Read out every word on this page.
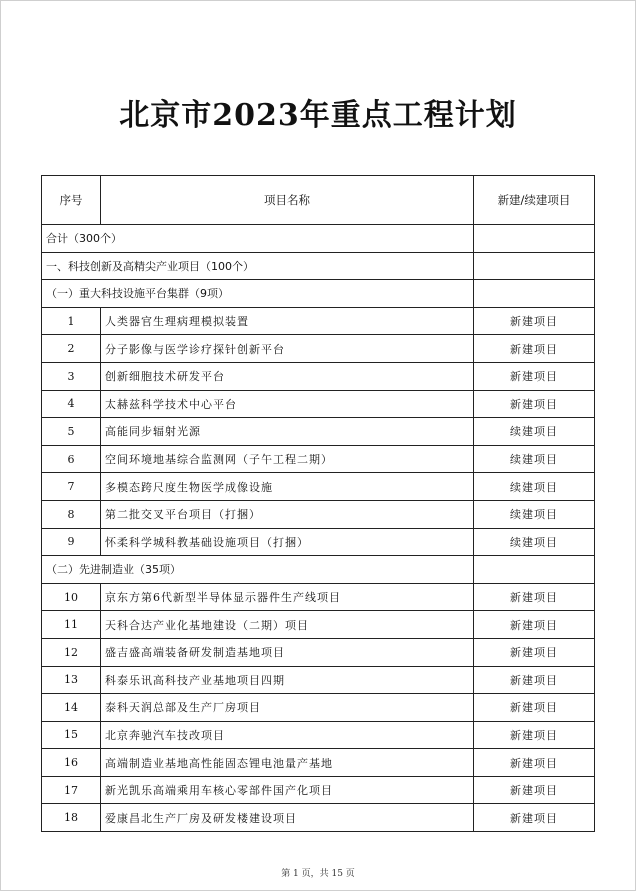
北京市2023年重点工程计划
序号	项目名称	新建/续建项目
合计（300个）		
一、科技创新及高精尖产业项目（100个）		
（一）重大科技设施平台集群（9项）		
1	人类器官生理病理模拟装置	新建项目
2	分子影像与医学诊疗探针创新平台	新建项目
3	创新细胞技术研发平台	新建项目
4	太赫兹科学技术中心平台	新建项目
5	高能同步辐射光源	续建项目
6	空间环境地基综合监测网（子午工程二期）	续建项目
7	多模态跨尺度生物医学成像设施	续建项目
8	第二批交叉平台项目（打捆）	续建项目
9	怀柔科学城科教基础设施项目（打捆）	续建项目
（二）先进制造业（35项）		
10	京东方第6代新型半导体显示器件生产线项目	新建项目
11	天科合达产业化基地建设（二期）项目	新建项目
12	盛吉盛高端装备研发制造基地项目	新建项目
13	科泰乐讯高科技产业基地项目四期	新建项目
14	泰科天润总部及生产厂房项目	新建项目
15	北京奔驰汽车技改项目	新建项目
16	高端制造业基地高性能固态锂电池量产基地	新建项目
17	新光凯乐高端乘用车核心零部件国产化项目	新建项目
18	爱康昌北生产厂房及研发楼建设项目	新建项目
第 1 页，共 15 页
